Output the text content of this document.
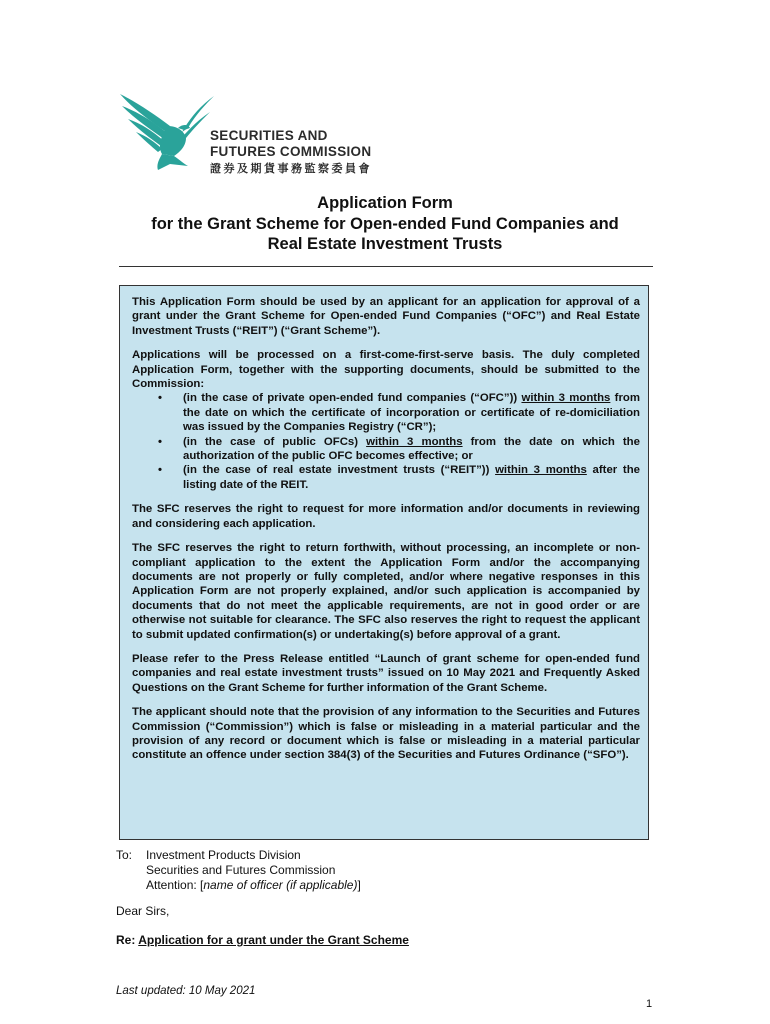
SECURITIES AND
FUTURES COMMISSION
證券及期貨事務監察委員會
Application Form
for the Grant Scheme for Open-ended Fund Companies and
Real Estate Investment Trusts

This Application Form should be used by an applicant for an application for approval of a grant under the Grant Scheme for Open-ended Fund Companies (“OFC”) and Real Estate Investment Trusts (“REIT”) (“Grant Scheme”).

Applications will be processed on a first-come-first-serve basis. The duly completed Application Form, together with the supporting documents, should be submitted to the Commission:

• (in the case of private open-ended fund companies (“OFC”)) within 3 months from the date on which the certificate of incorporation or certificate of re-domiciliation was issued by the Companies Registry (“CR”);
• (in the case of public OFCs) within 3 months from the date on which the authorization of the public OFC becomes effective; or
• (in the case of real estate investment trusts (“REIT”)) within 3 months after the listing date of the REIT.

The SFC reserves the right to request for more information and/or documents in reviewing and considering each application.

The SFC reserves the right to return forthwith, without processing, an incomplete or non-compliant application to the extent the Application Form and/or the accompanying documents are not properly or fully completed, and/or where negative responses in this Application Form are not properly explained, and/or such application is accompanied by documents that do not meet the applicable requirements, are not in good order or are otherwise not suitable for clearance. The SFC also reserves the right to request the applicant to submit updated confirmation(s) or undertaking(s) before approval of a grant.

Please refer to the Press Release entitled “Launch of grant scheme for open-ended fund companies and real estate investment trusts” issued on 10 May 2021 and Frequently Asked Questions on the Grant Scheme for further information of the Grant Scheme.

The applicant should note that the provision of any information to the Securities and Futures Commission (“Commission”) which is false or misleading in a material particular and the provision of any record or document which is false or misleading in a material particular constitute an offence under section 384(3) of the Securities and Futures Ordinance (“SFO”).

To: Investment Products Division
Securities and Futures Commission
Attention: [name of officer (if applicable)]
Dear Sirs,
Re: Application for a grant under the Grant Scheme
Last updated: 10 May 2021
1
